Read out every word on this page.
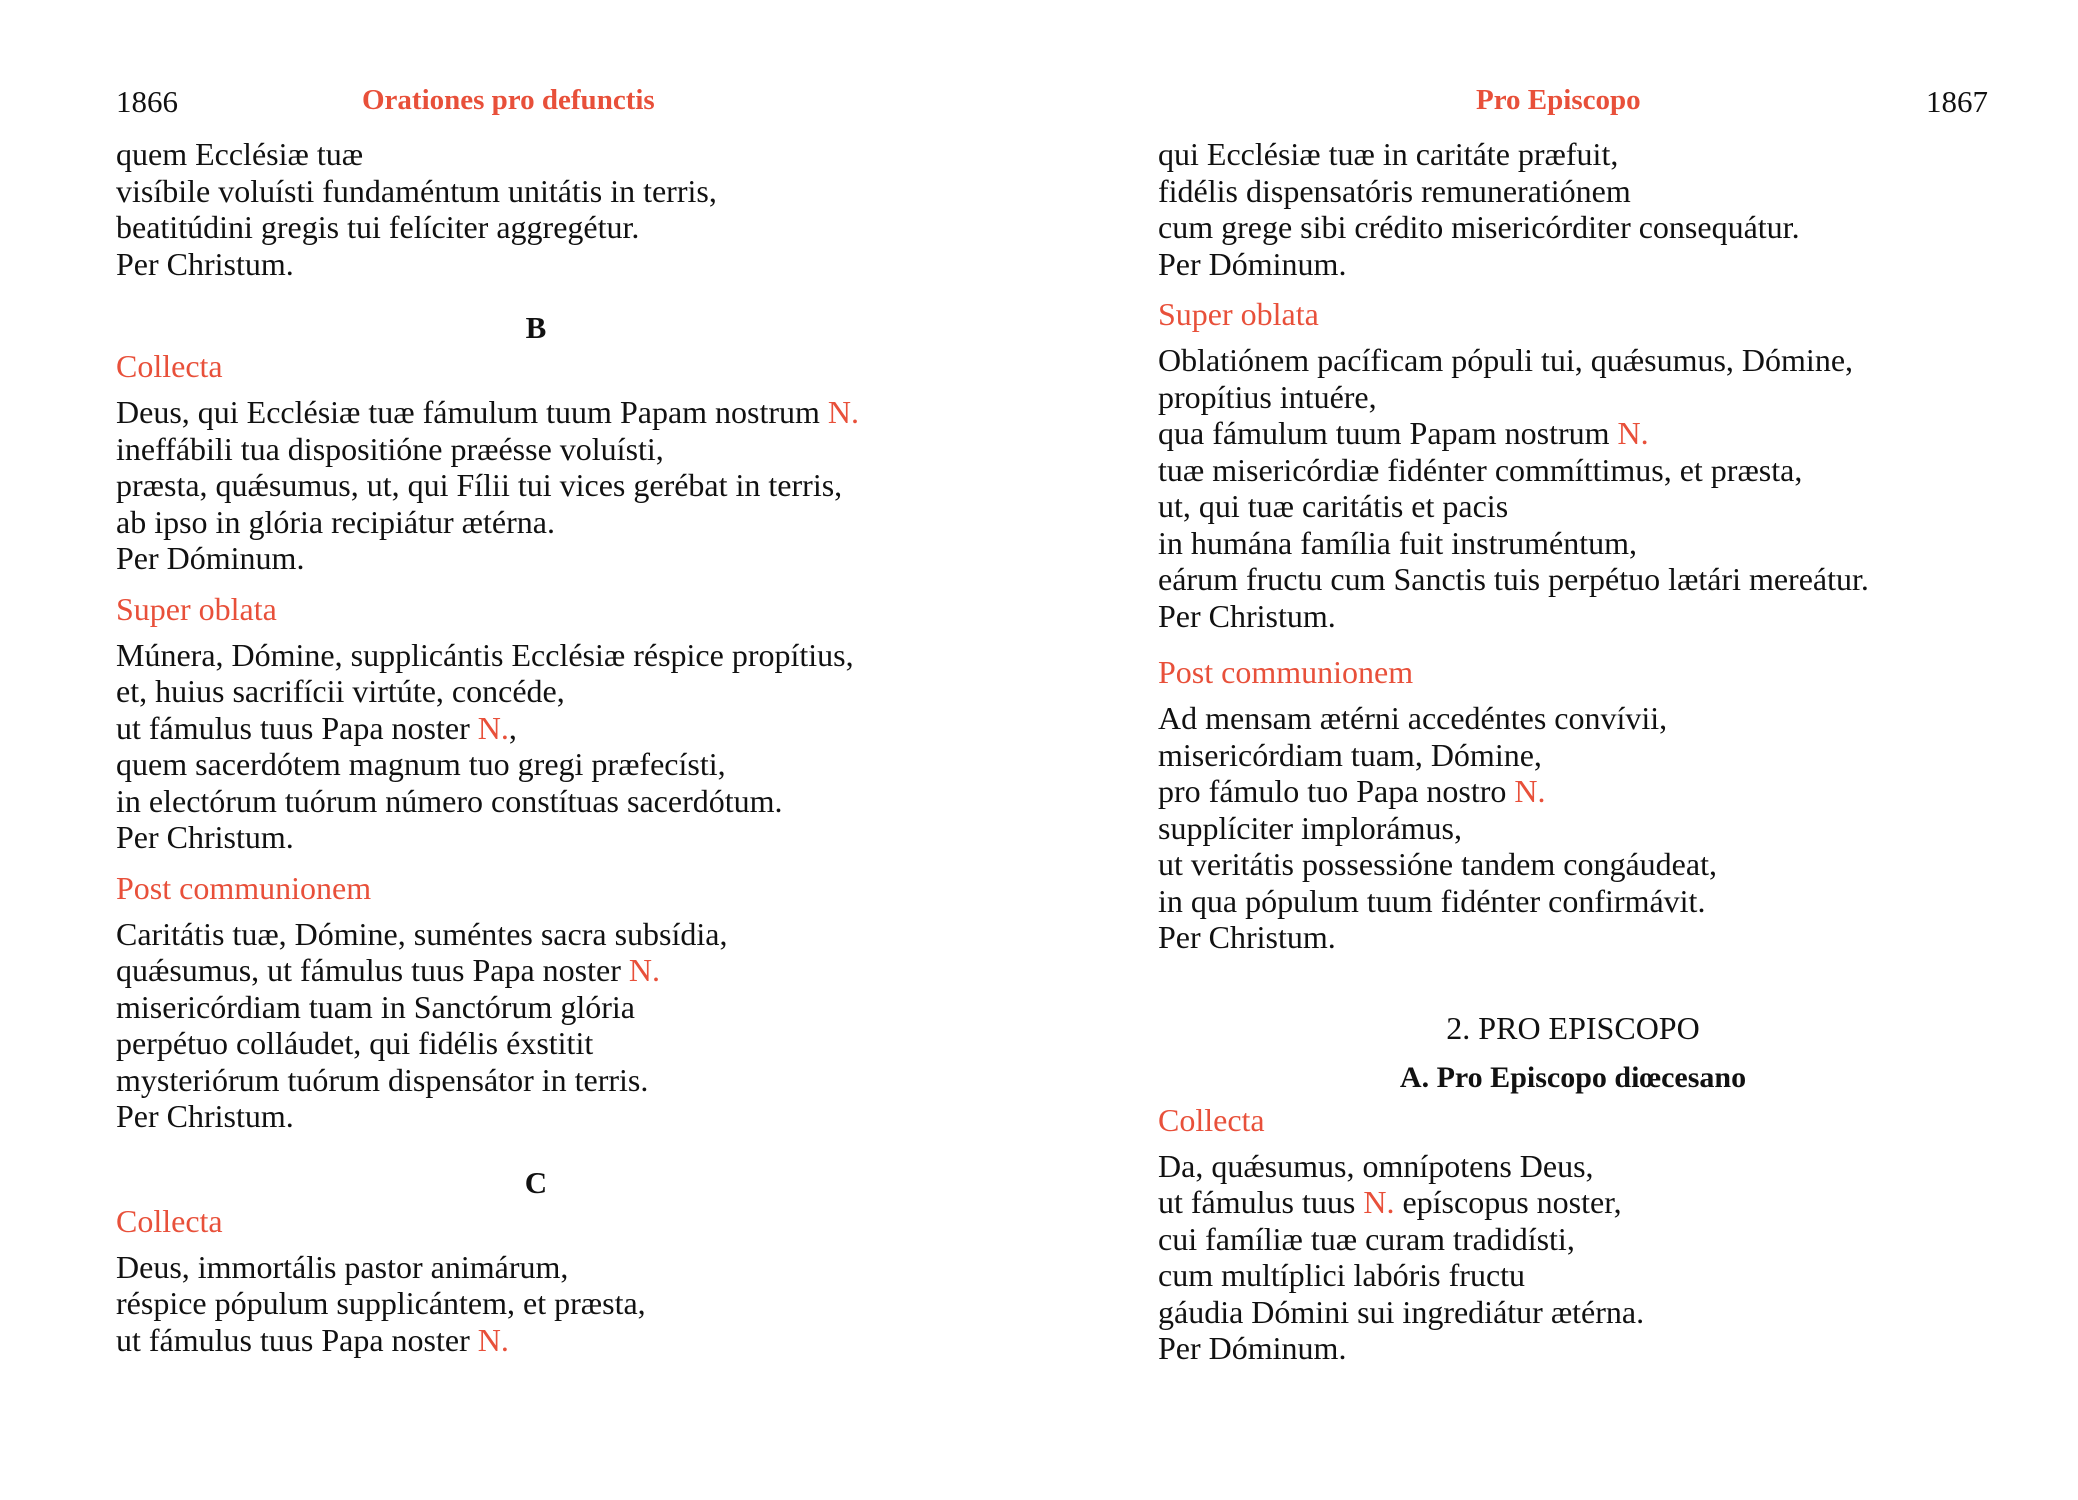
1866	Orationes pro defunctis
quem Ecclésiæ tuæ
visíbile voluísti fundaméntum unitátis in terris,
beatitúdini gregis tui felíciter aggregétur.
Per Christum.
B
Collecta
Deus, qui Ecclésiæ tuæ fámulum tuum Papam nostrum N.
ineffábili tua dispositióne præésse voluísti,
præsta, quǽsumus, ut, qui Fílii tui vices gerébat in terris,
ab ipso in glória recipiátur ætérna.
Per Dóminum.
Super oblata
Múnera, Dómine, supplicántis Ecclésiæ réspice propítius,
et, huius sacrifícii virtúte, concéde,
ut fámulus tuus Papa noster N.,
quem sacerdótem magnum tuo gregi præfecísti,
in electórum tuórum número constítuas sacerdótum.
Per Christum.
Post communionem
Caritátis tuæ, Dómine, suméntes sacra subsídia,
quǽsumus, ut fámulus tuus Papa noster N.
misericórdiam tuam in Sanctórum glória
perpétuo colláudet, qui fidélis éxstitit
mysteriórum tuórum dispensátor in terris.
Per Christum.
C
Collecta
Deus, immortális pastor animárum,
réspice pópulum supplicántem, et præsta,
ut fámulus tuus Papa noster N.
Pro Episcopo	1867
qui Ecclésiæ tuæ in caritáte præfuit,
fidélis dispensatóris remuneratiónem
cum grege sibi crédito misericórditer consequátur.
Per Dóminum.
Super oblata
Oblatiónem pacíficam pópuli tui, quǽsumus, Dómine,
propítius intuére,
qua fámulum tuum Papam nostrum N.
tuæ misericórdiæ fidénter commíttimus, et præsta,
ut, qui tuæ caritátis et pacis
in humána família fuit instruméntum,
eárum fructu cum Sanctis tuis perpétuo lætári mereátur.
Per Christum.
Post communionem
Ad mensam ætérni accedéntes convívii,
misericórdiam tuam, Dómine,
pro fámulo tuo Papa nostro N.
supplíciter implorámus,
ut veritátis possessióne tandem congáudeat,
in qua pópulum tuum fidénter confirmávit.
Per Christum.
2. PRO EPISCOPO
A. Pro Episcopo diœcesano
Collecta
Da, quǽsumus, omnípotens Deus,
ut fámulus tuus N. epíscopus noster,
cui famíliæ tuæ curam tradidísti,
cum multíplici labóris fructu
gáudia Dómini sui ingrediátur ætérna.
Per Dóminum.
